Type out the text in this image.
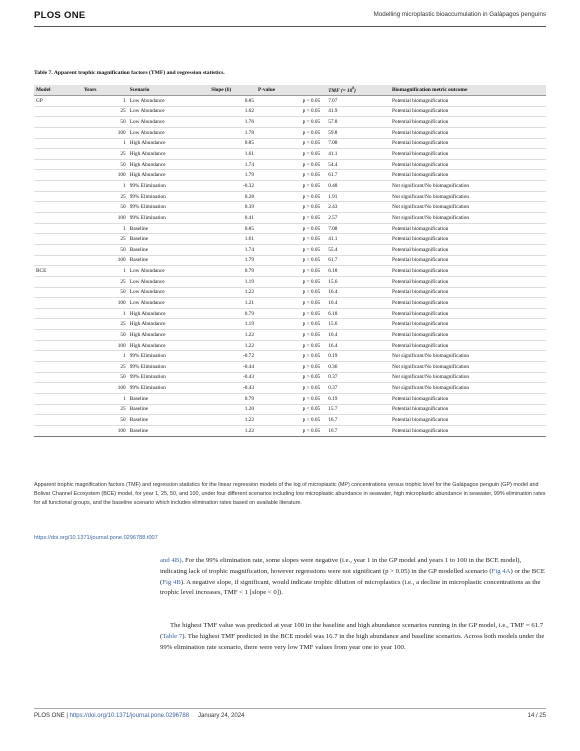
PLOS ONE	Modelling microplastic bioaccumulation in Galápagos penguins
Table 7. Apparent trophic magnification factors (TMF) and regression statistics.
Model	Years	Scenario	Slope (b)	P-value	TMF (= $10^b$)	Biomagnification metric outcome
GP	1	Low Abundance	0.85	p < 0.05	7.07	Potential biomagnification
	25	Low Abundance	1.62	p < 0.05	41.9	Potential biomagnification
	50	Low Abundance	1.76	p < 0.05	57.8	Potential biomagnification
	100	Low Abundance	1.78	p < 0.05	59.8	Potential biomagnification
	1	High Abundance	0.85	p < 0.05	7.08	Potential biomagnification
	25	High Abundance	1.61	p < 0.05	41.1	Potential biomagnification
	50	High Abundance	1.74	p < 0.05	54.4	Potential biomagnification
	100	High Abundance	1.79	p < 0.05	61.7	Potential biomagnification
	1	99% Elimination	-0.32	p > 0.05	0.48	Not significant/No biomagnification
	25	99% Elimination	0.28	p > 0.05	1.91	Not significant/No biomagnification
	50	99% Elimination	0.39	p > 0.05	2.43	Not significant/No biomagnification
	100	99% Elimination	0.41	p > 0.05	2.57	Not significant/No biomagnification
	1	Baseline	0.85	p < 0.05	7.08	Potential biomagnification
	25	Baseline	1.61	p < 0.05	41.1	Potential biomagnification
	50	Baseline	1.74	p < 0.05	55.4	Potential biomagnification
	100	Baseline	1.79	p < 0.05	61.7	Potential biomagnification
BCE	1	Low Abundance	0.79	p < 0.05	6.18	Potential biomagnification
	25	Low Abundance	1.19	p < 0.05	15.6	Potential biomagnification
	50	Low Abundance	1.22	p < 0.05	16.4	Potential biomagnification
	100	Low Abundance	1.21	p < 0.05	16.4	Potential biomagnification
	1	High Abundance	0.79	p < 0.05	6.18	Potential biomagnification
	25	High Abundance	1.19	p < 0.05	15.6	Potential biomagnification
	50	High Abundance	1.22	p < 0.05	16.4	Potential biomagnification
	100	High Abundance	1.22	p < 0.05	16.4	Potential biomagnification
	1	99% Elimination	-0.72	p > 0.05	0.19	Not significant/No biomagnification
	25	99% Elimination	-0.44	p > 0.05	0.36	Not significant/No biomagnification
	50	99% Elimination	-0.43	p > 0.05	0.37	Not significant/No biomagnification
	100	99% Elimination	-0.43	p > 0.05	0.37	Not significant/No biomagnification
	1	Baseline	0.79	p < 0.05	6.19	Potential biomagnification
	25	Baseline	1.20	p < 0.05	15.7	Potential biomagnification
	50	Baseline	1.22	p < 0.05	16.7	Potential biomagnification
	100	Baseline	1.22	p < 0.05	16.7	Potential biomagnification

Apparent trophic magnification factors (TMF) and regression statistics for the linear regression models of the log of microplastic (MP) concentrations versus trophic level for the Galápagos penguin (GP) model and Bolivar Channel Ecosystem (BCE) model, for year 1, 25, 50, and 100, under four different scenarios including low microplastic abundance in seawater, high microplastic abundance in seawater, 99% elimination rates for all functional groups, and the baseline scenario which includes elimination rates based on available literature.

https://doi.org/10.1371/journal.pone.0296788.t007

and 4B). For the 99% elimination rate, some slopes were negative (i.e., year 1 in the GP model and years 1 to 100 in the BCE model), indicating lack of trophic magnification, however regressions were not significant (p > 0.05) in the GP modelled scenario (Fig 4A) or the BCE (Fig 4B). A negative slope, if significant, would indicate trophic dilution of microplastics (i.e., a decline in microplastic concentrations as the trophic level increases, TMF < 1 [slope < 0]).

The highest TMF value was predicted at year 100 in the baseline and high abundance scenarios running in the GP model, i.e., TMF = 61.7 (Table 7). The highest TMF predicted in the BCE model was 16.7 in the high abundance and baseline scenarios. Across both models under the 99% elimination rate scenario, there were very low TMF values from year one to year 100.

PLOS ONE | https://doi.org/10.1371/journal.pone.0296788 January 24, 2024	14 / 25
